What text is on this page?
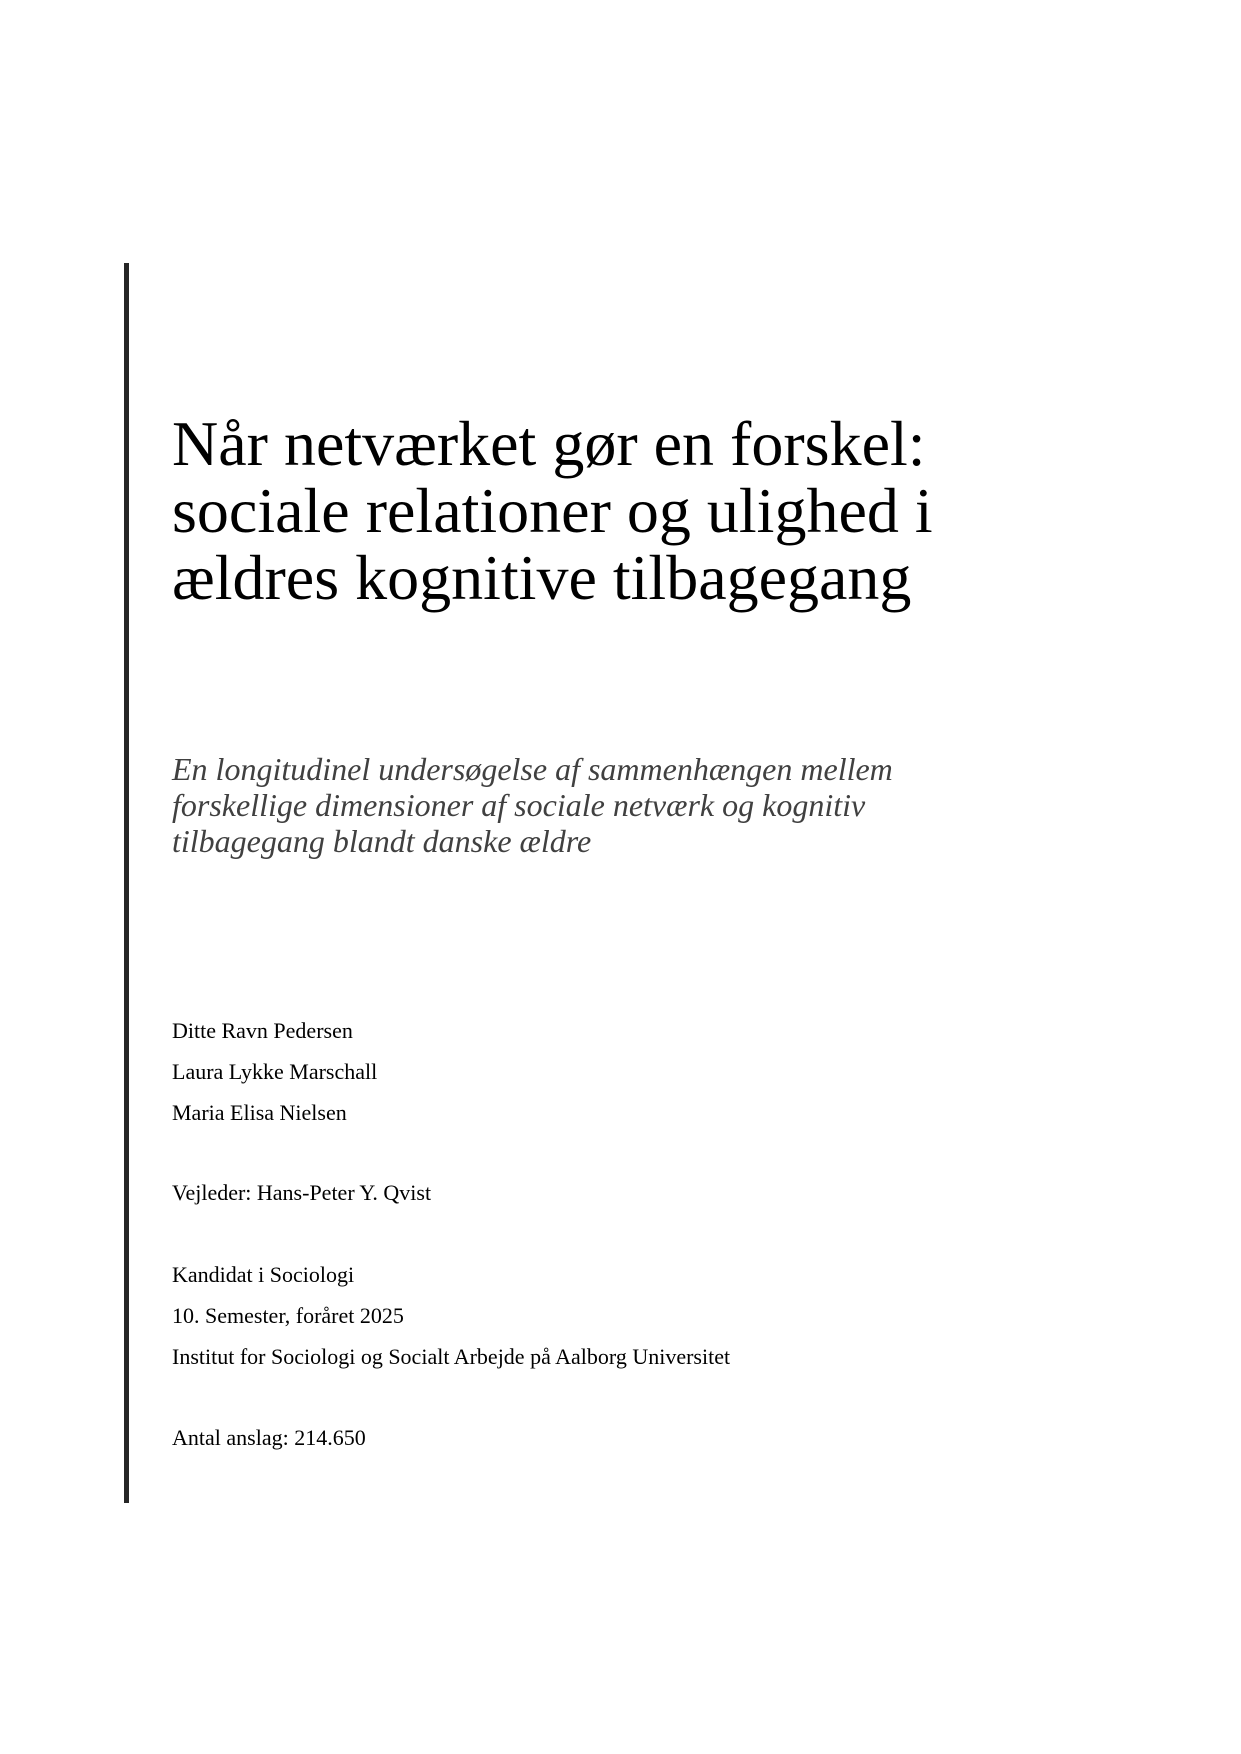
Når netværket gør en forskel:
sociale relationer og ulighed i
ældres kognitive tilbagegang
En longitudinel undersøgelse af sammenhængen mellem
forskellige dimensioner af sociale netværk og kognitiv
tilbagegang blandt danske ældre
Ditte Ravn Pedersen
Laura Lykke Marschall
Maria Elisa Nielsen
Vejleder: Hans-Peter Y. Qvist
Kandidat i Sociologi
10. Semester, foråret 2025
Institut for Sociologi og Socialt Arbejde på Aalborg Universitet
Antal anslag: 214.650
